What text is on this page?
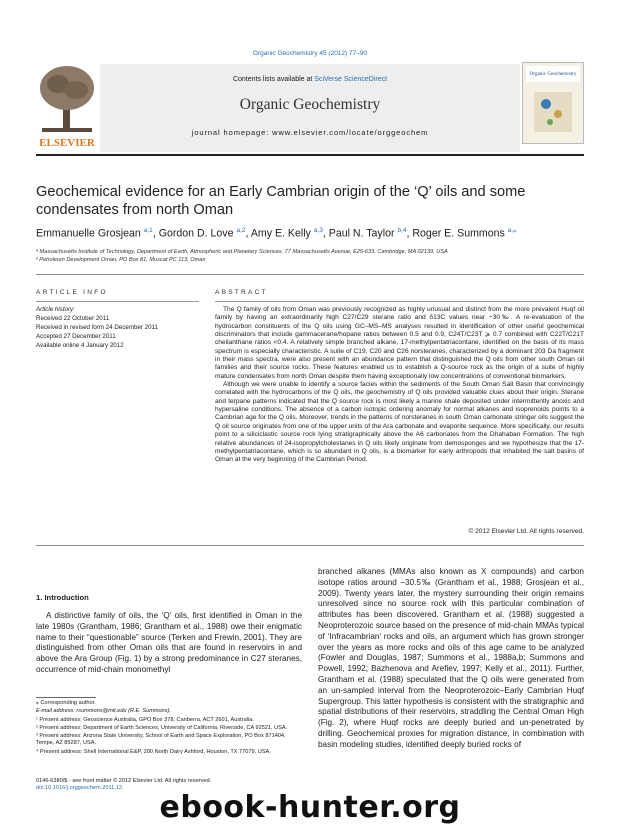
Organic Geochemistry 45 (2012) 77–90
ELSEVIER
Organic Geochemistry
Contents lists available at SciVerse ScienceDirect
Organic Geochemistry
journal homepage: www.elsevier.com/locate/orggeochem
Geochemical evidence for an Early Cambrian origin of the ‘Q’ oils and some condensates from north Oman
Emmanuelle Grosjean $^{a,1}$, Gordon D. Love $^{a,2}$, Amy E. Kelly $^{a,3}$, Paul N. Taylor $^{b,4}$, Roger E. Summons $^{a,⁎}$
ᵃ Massachusetts Institute of Technology, Department of Earth, Atmospheric and Planetary Sciences, 77 Massachusetts Avenue, E25-633, Cambridge, MA 02139, USA
ᵇ Petroleum Development Oman, PO Box 81, Muscat PC 113, Oman
ARTICLE INFO	ABSTRACT
Article history:
Received 22 October 2011
Received in revised form 24 December 2011
Accepted 27 December 2011
Available online 4 January 2012

The Q family of oils from Oman was previously recognized as highly unusual and distinct from the more prevalent Huqf oil family by having an extraordinarily high C27/C29 sterane ratio and δ13C values near −30‰. A re-evaluation of the hydrocarbon constituents of the Q oils using GC–MS–MS analyses resulted in identification of other useful geochemical discriminators that include gammacerane/hopane ratios between 0.5 and 0.9, C24T/C23T ⩾ 0.7 combined with C22T/C21T cheilanthane ratios <0.4. A relatively simple branched alkane, 17-methylpentatriacontane, identified on the basis of its mass spectrum is especially characteristic. A suite of C19, C20 and C26 norsteranes, characterized by a dominant 203 Da fragment in their mass spectra, were also present with an abundance pattern that distinguished the Q oils from other south Oman oil families and their source rocks. These features enabled us to establish a Q-source rock as the origin of a suite of highly mature condensates from north Oman despite them having exceptionally low concentrations of conventional biomarkers.

Although we were unable to identify a source facies within the sediments of the South Oman Salt Basin that convincingly correlated with the hydrocarbons of the Q oils, the geochemistry of Q oils provided valuable clues about their origin. Sterane and terpane patterns indicated that the Q source rock is most likely a marine shale deposited under intermittently anoxic and hypersaline conditions. The absence of a carbon isotopic ordering anomaly for normal alkanes and isoprenoids points to a Cambrian age for the Q oils. Moreover, trends in the patterns of norsteranes in south Oman carbonate stringer oils suggest the Q oil source originates from one of the upper units of the Ara carbonate and evaporite sequence. More specifically, our results point to a siliciclastic source rock lying stratigraphically above the A6 carbonates from the Dhahaban Formation. The high relative abundances of 24-isopropylcholestanes in Q oils likely originate from demosponges and we hypothesize that the 17-methylpentatriacontane, which is so abundant in Q oils, is a biomarker for early arthropods that inhabited the salt basins of Oman at the very beginning of the Cambrian Period.

© 2012 Elsevier Ltd. All rights reserved.
1. Introduction

A distinctive family of oils, the ‘Q’ oils, first identified in Oman in the late 1980s (Grantham, 1986; Grantham et al., 1988) owe their enigmatic name to their “questionable” source (Terken and Frewin, 2001). They are distinguished from other Oman oils that are found in reservoirs in and above the Ara Group (Fig. 1) by a strong predominance in C27 steranes, occurrence of mid-chain monomethyl

branched alkanes (MMAs also known as X compounds) and carbon isotope ratios around −30.5‰ (Grantham et al., 1988; Grosjean et al., 2009). Twenty years later, the mystery surrounding their origin remains unresolved since no source rock with this particular combination of attributes has been discovered. Grantham et al. (1988) suggested a Neoproterozoic source based on the presence of mid-chain MMAs typical of ‘Infracambrian’ rocks and oils, an argument which has grown stronger over the years as more rocks and oils of this age came to be analyzed (Fowler and Douglas, 1987; Summons et al., 1988a,b; Summons and Powell, 1992; Bazhenova and Arefiev, 1997; Kelly et al., 2011). Further, Grantham et al. (1988) speculated that the Q oils were generated from an un-sampled interval from the Neoproterozoic–Early Cambrian Huqf Supergroup. This latter hypothesis is consistent with the stratigraphic and spatial distributions of their reservoirs, straddling the Central Oman High (Fig. 2), where Huqf rocks are deeply buried and un-penetrated by drilling. Geochemical proxies for migration distance, in combination with basin modeling studies, identified deeply buried rocks of

⁎ Corresponding author.

E-mail address: rsummons@mit.edu (R.E. Summons).

¹ Present address: Geoscience Australia, GPO Box 378, Canberra, ACT 2601, Australia.

² Present address: Department of Earth Sciences, University of California, Riverside, CA 92521, USA.

³ Present address: Arizona State University, School of Earth and Space Exploration, PO Box 871404, Tempe, AZ 85287, USA.

⁴ Present address: Shell International E&P, 200 North Dairy Ashford, Houston, TX 77079, USA.

0146-6380/$ - see front matter © 2012 Elsevier Ltd. All rights reserved.
doi:10.1016/j.orggeochem.2011.12.
ebook-hunter.org
